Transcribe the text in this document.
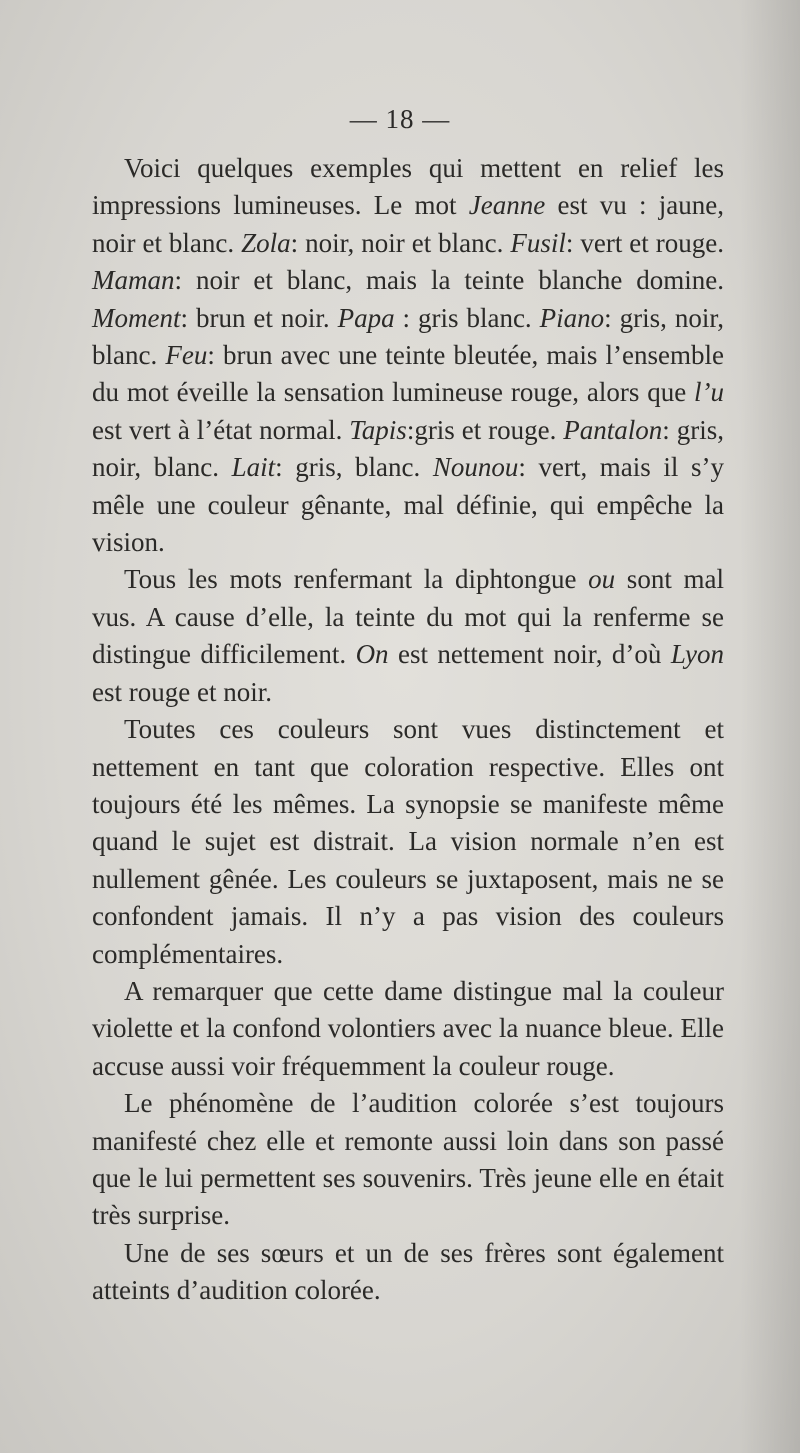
— 18 —

Voici quelques exemples qui mettent en relief les impressions lumineuses. Le mot Jeanne est vu : jaune, noir et blanc. Zola: noir, noir et blanc. Fusil: vert et rouge. Maman: noir et blanc, mais la teinte blanche domine. Moment: brun et noir. Papa : gris blanc. Piano: gris, noir, blanc. Feu: brun avec une teinte bleutée, mais l’ensemble du mot éveille la sensation lumineuse rouge, alors que l’u est vert à l’état normal. Tapis:gris et rouge. Pantalon: gris, noir, blanc. Lait: gris, blanc. Nounou: vert, mais il s’y mêle une couleur gênante, mal définie, qui empêche la vision.

Tous les mots renfermant la diphtongue ou sont mal vus. A cause d’elle, la teinte du mot qui la renferme se distingue difficilement. On est nettement noir, d’où Lyon est rouge et noir.

Toutes ces couleurs sont vues distinctement et nettement en tant que coloration respective. Elles ont toujours été les mêmes. La synopsie se manifeste même quand le sujet est distrait. La vision normale n’en est nullement gênée. Les couleurs se juxtaposent, mais ne se confondent jamais. Il n’y a pas vision des couleurs complémentaires.

A remarquer que cette dame distingue mal la couleur violette et la confond volontiers avec la nuance bleue. Elle accuse aussi voir fréquemment la couleur rouge.

Le phénomène de l’audition colorée s’est toujours manifesté chez elle et remonte aussi loin dans son passé que le lui permettent ses souvenirs. Très jeune elle en était très surprise.

Une de ses sœurs et un de ses frères sont également atteints d’audition colorée.
